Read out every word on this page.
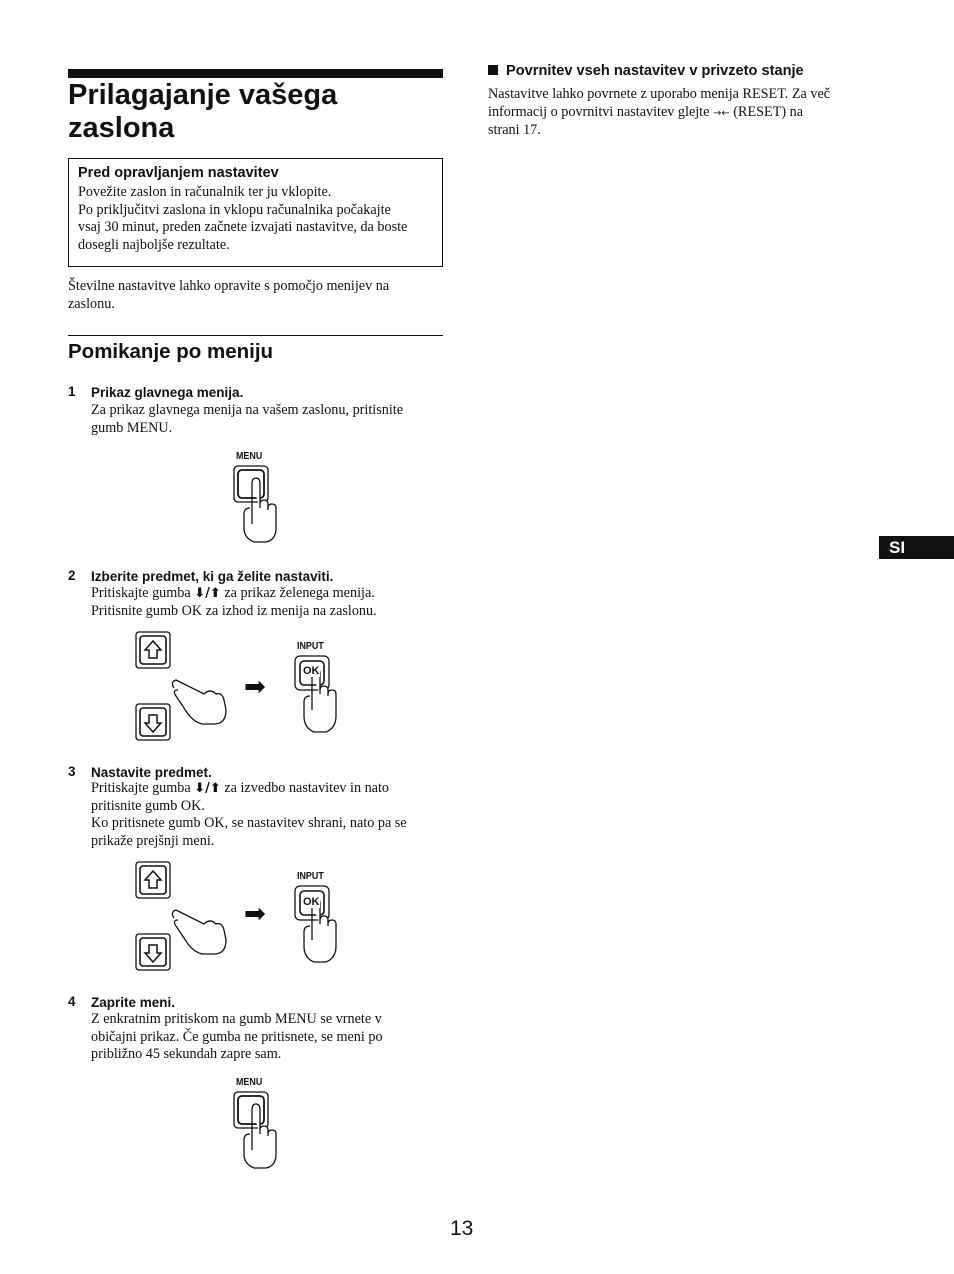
Prilagajanje vašega
zaslona
Pred opravljanjem nastavitev
Povežite zaslon in računalnik ter ju vklopite.
Po priključitvi zaslona in vklopu računalnika počakajte
vsaj 30 minut, preden začnete izvajati nastavitve, da boste
dosegli najboljše rezultate.
Številne nastavitve lahko opravite s pomočjo menijev na
zaslonu.
Pomikanje po meniju
1 Prikaz glavnega menija.
Za prikaz glavnega menija na vašem zaslonu, pritisnite
gumb MENU.
MENU
2 Izberite predmet, ki ga želite nastaviti.
Pritiskajte gumba ⬇/⬆ za prikaz želenega menija.
Pritisnite gumb OK za izhod iz menija na zaslonu.
➡
INPUT
OK
3 Nastavite predmet.
Pritiskajte gumba ⬇/⬆ za izvedbo nastavitev in nato
pritisnite gumb OK.
Ko pritisnete gumb OK, se nastavitev shrani, nato pa se
prikaže prejšnji meni.
➡
INPUT
OK
4 Zaprite meni.
Z enkratnim pritiskom na gumb MENU se vrnete v
običajni prikaz. Če gumba ne pritisnete, se meni po
približno 45 sekundah zapre sam.
MENU
Povrnitev vseh nastavitev v privzeto stanje
Nastavitve lahko povrnete z uporabo menija RESET. Za več
informacij o povrnitvi nastavitev glejte →← (RESET) na
strani 17.
SI
13
